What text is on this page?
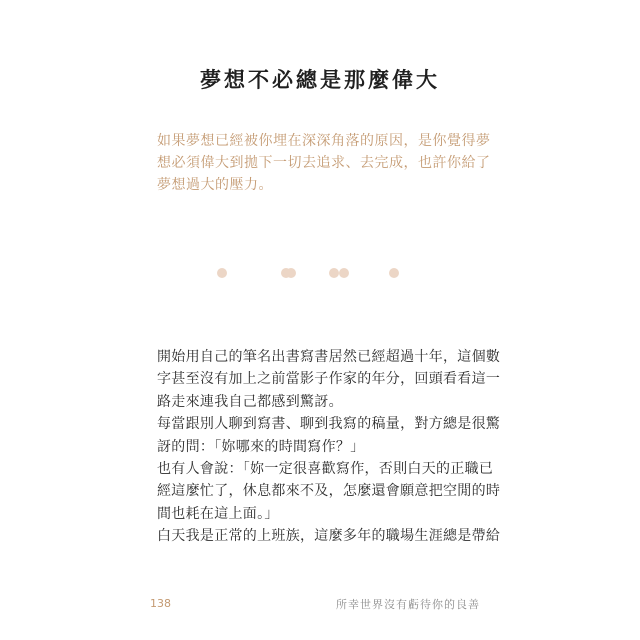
夢想不必總是那麼偉大

如果夢想已經被你埋在深深角落的原因，是你覺得夢
想必須偉大到拋下一切去追求、去完成，也許你給了
夢想過大的壓力。

開始用自己的筆名出書寫書居然已經超過十年，這個數
字甚至沒有加上之前當影子作家的年分，回頭看看這一
路走來連我自己都感到驚訝。
每當跟別人聊到寫書、聊到我寫的稿量，對方總是很驚
訝的問：「妳哪來的時間寫作？」
也有人會說：「妳一定很喜歡寫作，否則白天的正職已
經這麼忙了，休息都來不及，怎麼還會願意把空閒的時
間也耗在這上面。」
白天我是正常的上班族，這麼多年的職場生涯總是帶給

138	所幸世界沒有虧待你的良善
